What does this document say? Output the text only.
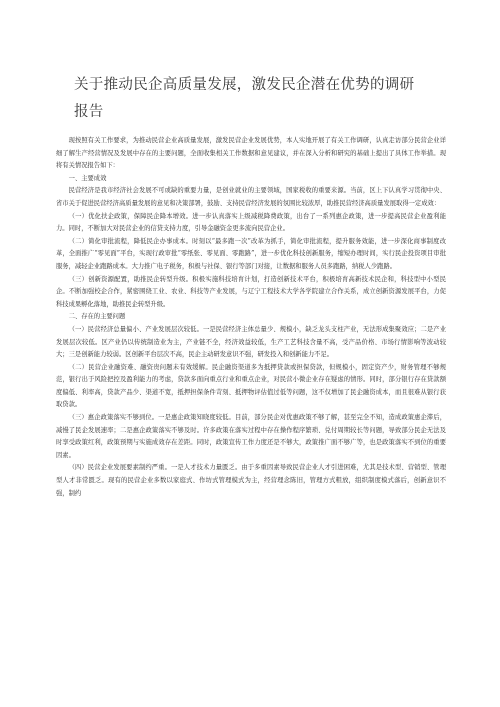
关于推动民企高质量发展，激发民企潜在优势的调研
报告

现按照有关工作要求，为推动民营企业高质量发展，激发民营企业发展优势，本人实地开展了有关工作调研，认真走访部分民营企业详细了解生产经营情况及发展中存在的主要问题，全面收集相关工作数据和意见建议，并在深入分析和研究的基础上提出了具体工作举措。现将有关情况报告如下：

一、主要成效

民营经济是我市经济社会发展不可或缺的重要力量，是创业就业的主要领域，国家税收的重要来源。当前，区上下认真学习贯彻中央、省市关于促进民营经济高质量发展的意见和决策部署，鼓励、支持民营经济发展的氛围比较浓厚，助推民营经济高质量发展取得一定成效：

（一）优化扶企政策，保障民企降本增效。进一步认真落实上级减税降费政策，出台了一系列惠企政策，进一步提高民营企业盈利能力。同时，不断加大对民营企业的信贷支持力度，引导金融资金更多流向民营企业。

（二）简化审批流程，降低民企办事成本。时刻以“最多跑一次”改革为抓手，简化审批流程，提升服务效能，进一步深化商事制度改革，全面推广“零见面”平台，实现行政审批“零纸张、零见面、零跑路”，进一步优化科技创新服务，缩短办理时间，实行民企投资项目审批服务，减轻企业跑路成本。大力推广电子税务，积极与社保、银行等部门对接，让数据和服务人员多跑路，纳税人少跑路。

（三）创新资源配置，助推民企转型升级。积极实施科技培育计划，打造创新技术平台，积极培育高新技术民企和，科技型中小型民企。不断加强校企合作，紧密围绕工业、农业、科技等产业发展，与辽宁工程技术大学各学院建立合作关系，成立创新资源发展平台，力促科技成果孵化落地，助推民企转型升级。

二、存在的主要问题

（一）民营经济总量偏小、产业发展层次较低。一是民营经济主体总量少、规模小，缺乏龙头支柱产业，无法形成集聚效应；二是产业发展层次较低。区产业仍以传统制造业为主，产业链不全，经济效益较低，生产工艺科技含量不高，受产品价格、市场行情影响等波动较大；三是创新能力较弱。区创新平台层次不高，民企主动研发意识不强，研发投入和创新能力不足。

（二）民营企业融资难、融资贵问题未有效缓解。民企融资渠道多为抵押贷款或担保贷款，但规模小，固定资产少，财务管理不够规范，银行出于风险把控及盈利能力的考虑，贷款多面向重点行业和重点企业，对民营小微企业存在疑虑的情形。同时，部分银行存在贷款额度偏低、利率高，贷款产品少、渠道不宽，抵押担保条件苛刻、抵押物评估值过低等问题，这不仅增加了民企融资成本，而且很难从银行获取贷款。

（三）惠企政策落实不够到位。一是惠企政策知晓度较低。目前，部分民企对优惠政策不够了解，甚至完全不知，造成政策惠企滞后，减慢了民企发展速率；二是惠企政策落实不够及时。许多政策在落实过程中存在操作程序繁琐、兑付周期较长等问题，导致部分民企无法及时享受政策红利，政策预期与实施成效存在差距。同时，政策宣传工作力度还是不够大，政策推广面不够广等，也是政策落实不到位的重要因素。

（四）民营企业发展要素制约严重。一是人才技术力量匮乏。由于多重因素导致民营企业人才引进困难，尤其是技术型、营销型、管理型人才非常匮乏。现有的民营企业多数以家庭式、作坊式管理模式为主，经营理念陈旧，管理方式粗放，组织制度模式落后，创新意识不强，制约
